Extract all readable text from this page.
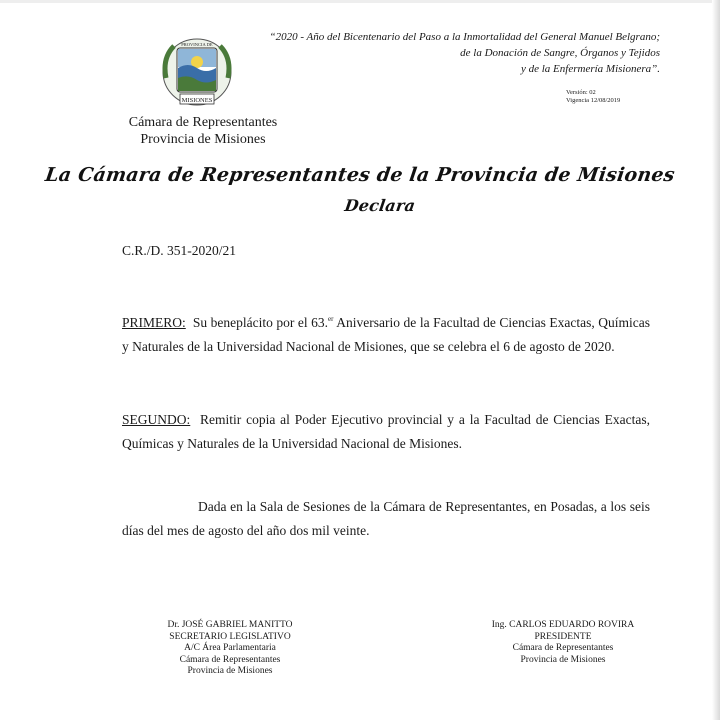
MISIONES
PROVINCIA DE
Cámara de Representantes
Provincia de Misiones
“2020 - Año del Bicentenario del Paso a la Inmortalidad del General Manuel Belgrano;
de la Donación de Sangre, Órganos y Tejidos
y de la Enfermería Misionera”.
Versión: 02
Vigencia 12/08/2019
La Cámara de Representantes de la Provincia de Misiones
Declara
C.R./D. 351-2020/21
PRIMERO: Su beneplácito por el 63.$^{er}$ Aniversario de la Facultad de Ciencias Exactas, Químicas y Naturales de la Universidad Nacional de Misiones, que se celebra el 6 de agosto de 2020.
SEGUNDO: Remitir copia al Poder Ejecutivo provincial y a la Facultad de Ciencias Exactas, Químicas y Naturales de la Universidad Nacional de Misiones.
Dada en la Sala de Sesiones de la Cámara de Representantes, en Posadas, a los seis días del mes de agosto del año dos mil veinte.
Dr. JOSÉ GABRIEL MANITTO
SECRETARIO LEGISLATIVO
A/C Área Parlamentaria
Cámara de Representantes
Provincia de Misiones
Ing. CARLOS EDUARDO ROVIRA
PRESIDENTE
Cámara de Representantes
Provincia de Misiones
